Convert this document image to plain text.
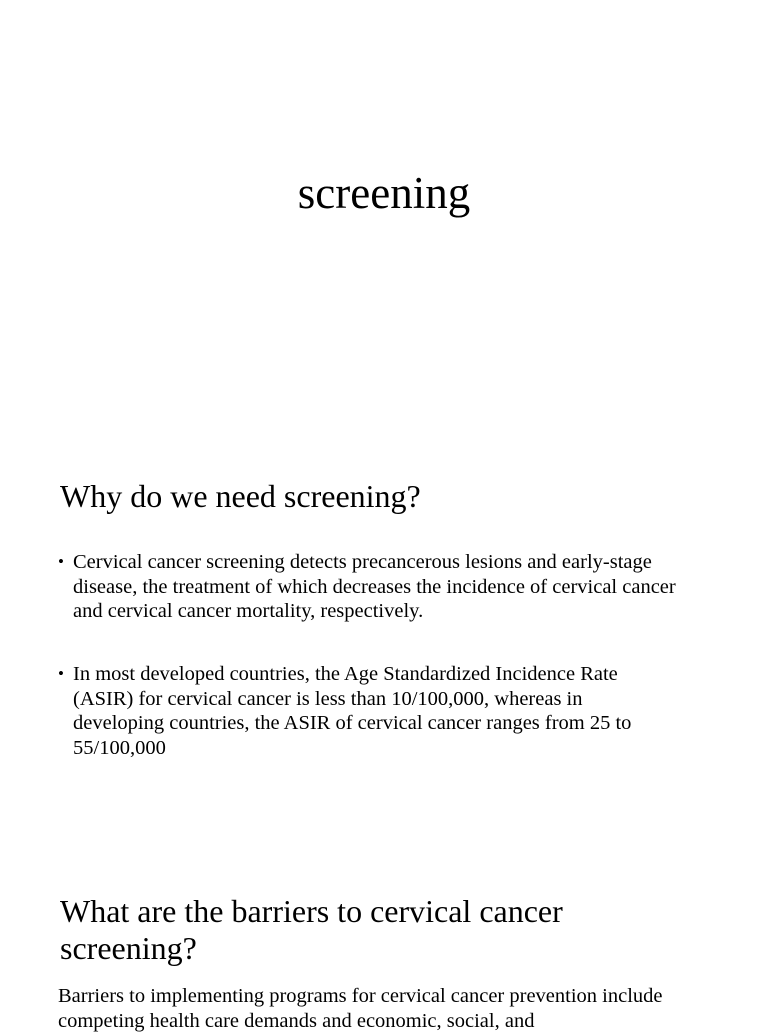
screening
Why do we need screening?
• Cervical cancer screening detects precancerous lesions and early-stage disease, the treatment of which decreases the incidence of cervical cancer and cervical cancer mortality, respectively.
• In most developed countries, the Age Standardized Incidence Rate (ASIR) for cervical cancer is less than 10/100,000, whereas in developing countries, the ASIR of cervical cancer ranges from 25 to 55/100,000
What are the barriers to cervical cancer screening?

Barriers to implementing programs for cervical cancer prevention include competing health care demands and economic, social, and
